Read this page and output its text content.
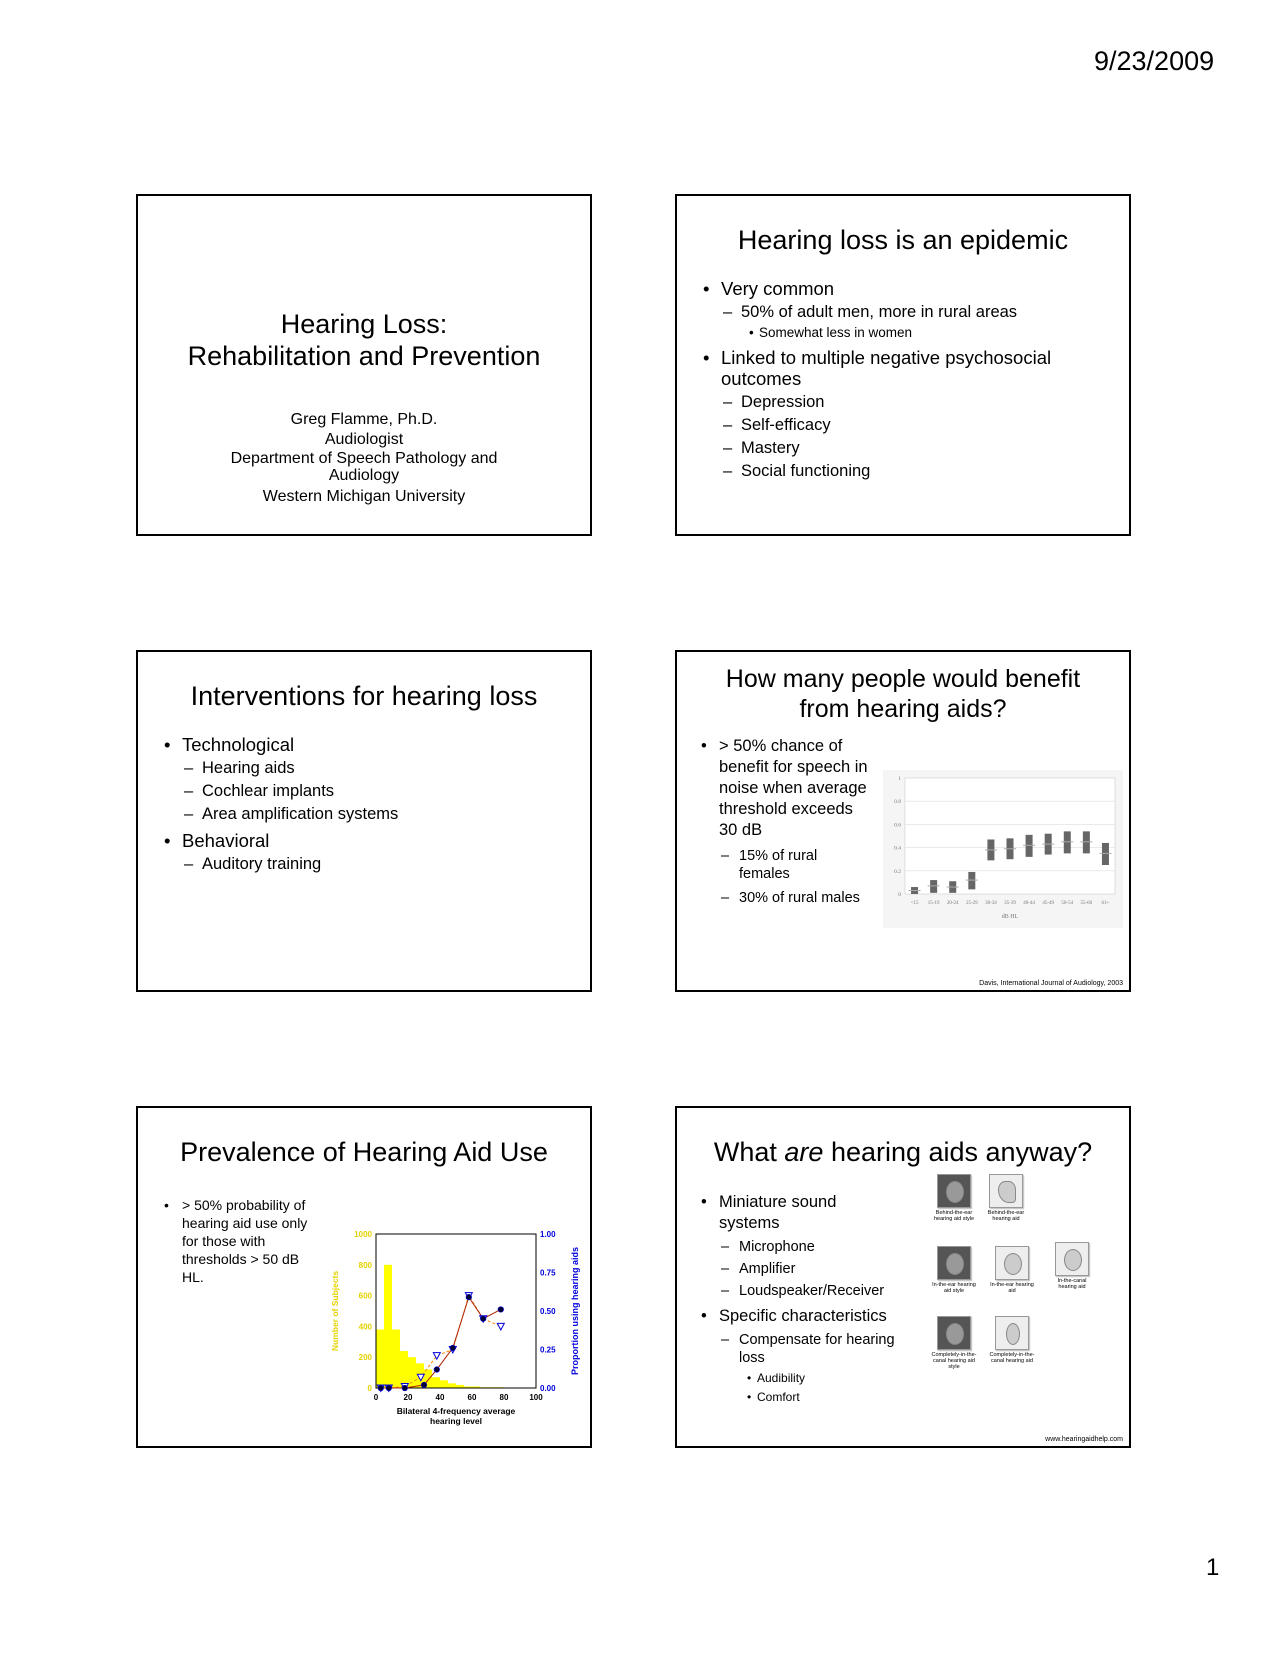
9/23/2009
1
Hearing Loss:
Rehabilitation and Prevention
Greg Flamme, Ph.D.
Audiologist
Department of Speech Pathology and
Audiology
Western Michigan University
Hearing loss is an epidemic
• Very common
– 50% of adult men, more in rural areas
• Somewhat less in women
• Linked to multiple negative psychosocial outcomes
– Depression
– Self-efficacy
– Mastery
– Social functioning
Interventions for hearing loss
• Technological
– Hearing aids
– Cochlear implants
– Area amplification systems
• Behavioral
– Auditory training
How many people would benefit
from hearing aids?
• > 50% chance of benefit for speech in noise when average threshold exceeds 30 dB
– 15% of rural females
– 30% of rural males	0
0.2
0.4
0.6
0.8
1
<15 15-19 20-24 25-29 30-34 35-39 40-44 45-49 50-54 55-60 61+
dB HL
Davis, International Journal of Audiology, 2003
Prevalence of Hearing Aid Use
• > 50% probability of hearing aid use only for those with thresholds > 50 dB HL.
0
200
400
600
800
1000
0.00
0.25
0.50
0.75
1.00
0	20	40	60	80	100
Bilateral 4-frequency average
hearing level
Number of Subjects	Proportion using hearing aids
What are hearing aids anyway?
• Miniature sound systems
– Microphone
– Amplifier
– Loudspeaker/Receiver
• Specific characteristics
– Compensate for hearing loss
• Audibility
• Comfort
Behind-the-ear hearing aid style
Behind-the-ear hearing aid
In-the-ear hearing aid style
In-the-ear hearing aid
In-the-canal hearing aid
Completely-in-the-canal hearing aid style
Completely-in-the-canal hearing aid
www.hearingaidhelp.com
